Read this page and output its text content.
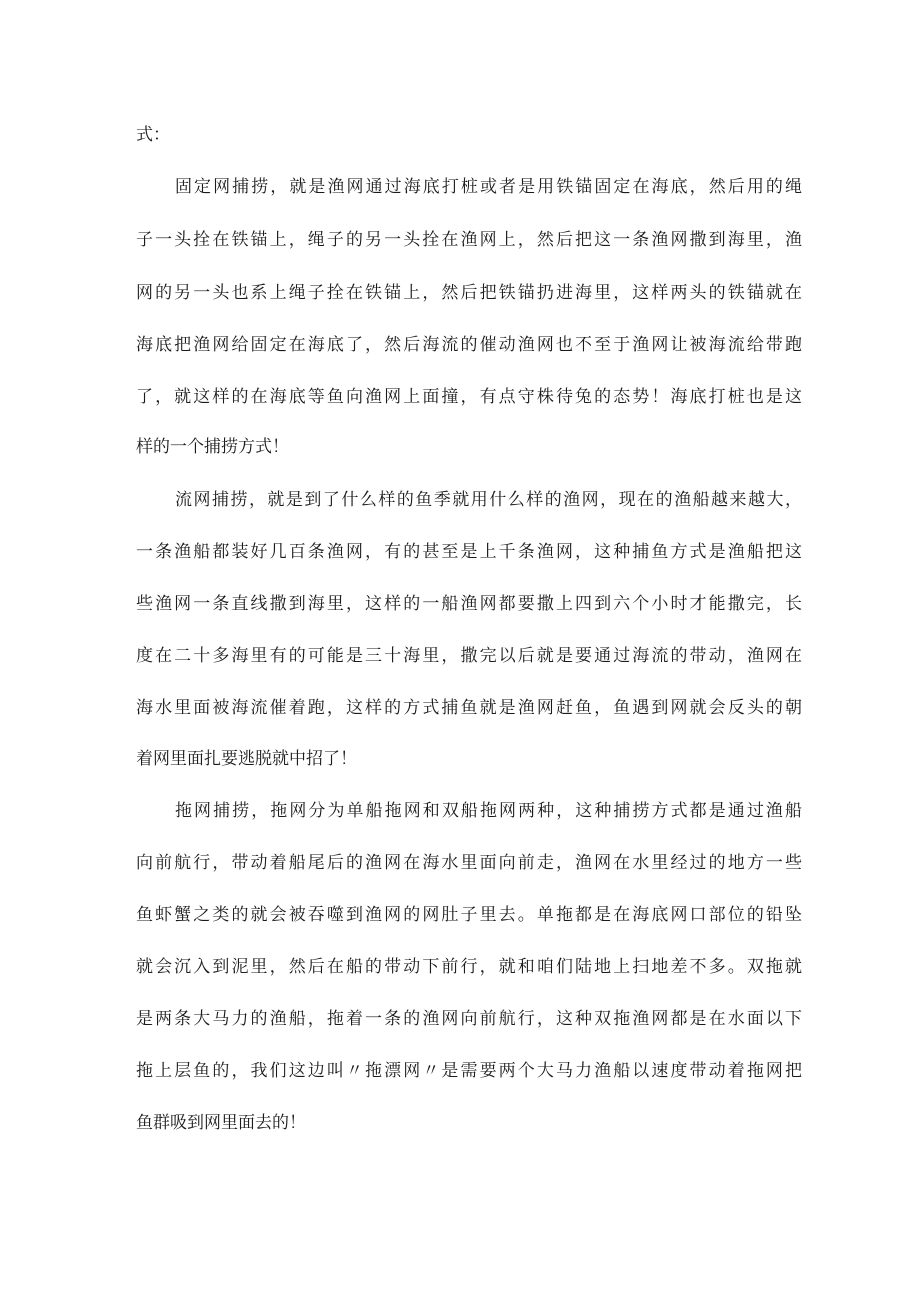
式：
固定网捕捞，就是渔网通过海底打桩或者是用铁锚固定在海底，然后用的绳
子一头拴在铁锚上，绳子的另一头拴在渔网上，然后把这一条渔网撒到海里，渔
网的另一头也系上绳子拴在铁锚上，然后把铁锚扔进海里，这样两头的铁锚就在
海底把渔网给固定在海底了，然后海流的催动渔网也不至于渔网让被海流给带跑
了，就这样的在海底等鱼向渔网上面撞，有点守株待兔的态势！海底打桩也是这
样的一个捕捞方式！
流网捕捞，就是到了什么样的鱼季就用什么样的渔网，现在的渔船越来越大，
一条渔船都装好几百条渔网，有的甚至是上千条渔网，这种捕鱼方式是渔船把这
些渔网一条直线撒到海里，这样的一船渔网都要撒上四到六个小时才能撒完，长
度在二十多海里有的可能是三十海里，撒完以后就是要通过海流的带动，渔网在
海水里面被海流催着跑，这样的方式捕鱼就是渔网赶鱼，鱼遇到网就会反头的朝
着网里面扎要逃脱就中招了！
拖网捕捞，拖网分为单船拖网和双船拖网两种，这种捕捞方式都是通过渔船
向前航行，带动着船尾后的渔网在海水里面向前走，渔网在水里经过的地方一些
鱼虾蟹之类的就会被吞噬到渔网的网肚子里去。单拖都是在海底网口部位的铅坠
就会沉入到泥里，然后在船的带动下前行，就和咱们陆地上扫地差不多。双拖就
是两条大马力的渔船，拖着一条的渔网向前航行，这种双拖渔网都是在水面以下
拖上层鱼的，我们这边叫〃拖漂网〃是需要两个大马力渔船以速度带动着拖网把
鱼群吸到网里面去的！
